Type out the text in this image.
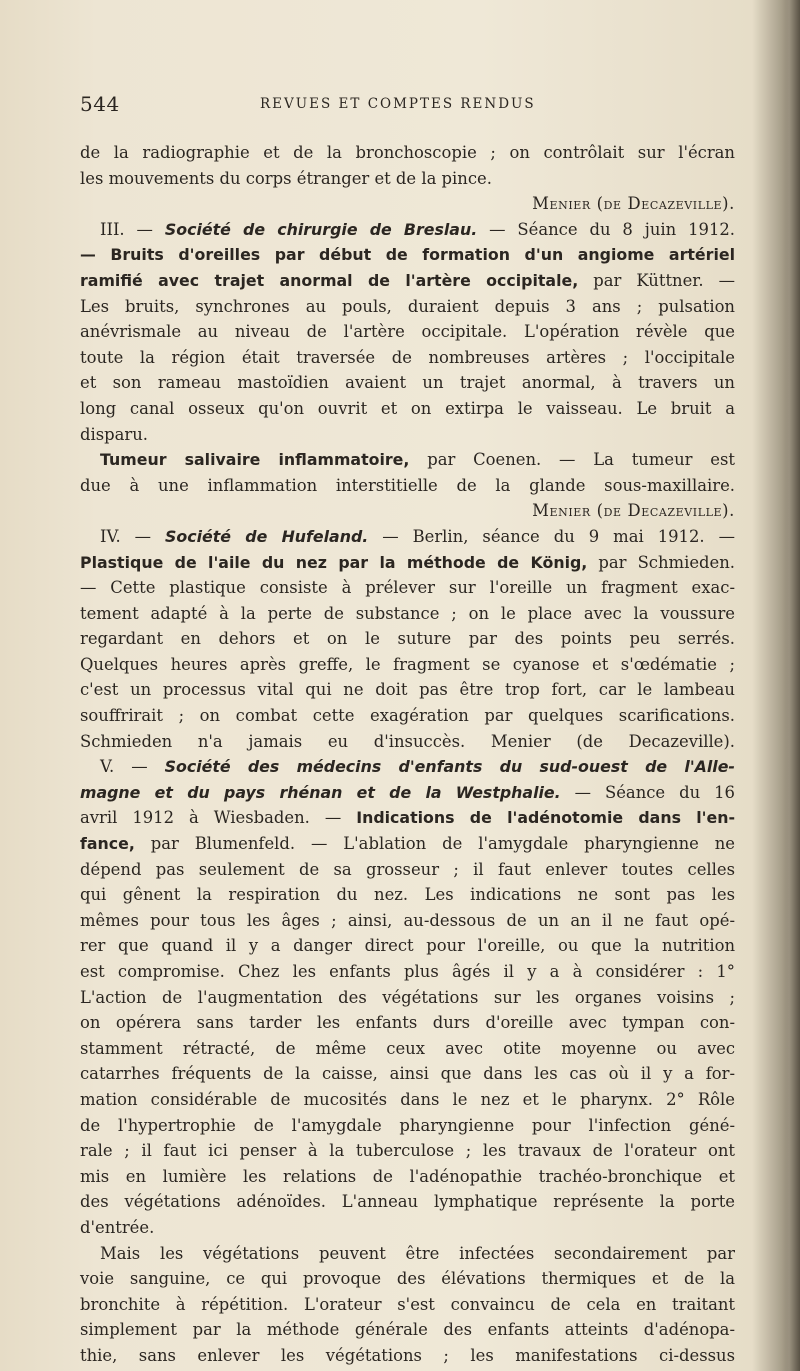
544	REVUES ET COMPTES RENDUS
de la radiographie et de la bronchoscopie ; on contrôlait sur l'écran
les mouvements du corps étranger et de la pince.
Menier (de Decazeville).
III. — Société de chirurgie de Breslau. — Séance du 8 juin 1912.
— Bruits d'oreilles par début de formation d'un angiome artériel
ramifié avec trajet anormal de l'artère occipitale, par Küttner. —
Les bruits, synchrones au pouls, duraient depuis 3 ans ; pulsation
anévrismale au niveau de l'artère occipitale. L'opération révèle que
toute la région était traversée de nombreuses artères ; l'occipitale
et son rameau mastoïdien avaient un trajet anormal, à travers un
long canal osseux qu'on ouvrit et on extirpa le vaisseau. Le bruit a
disparu.
Tumeur salivaire inflammatoire, par Coenen. — La tumeur est
due à une inflammation interstitielle de la glande sous-maxillaire.
Menier (de Decazeville).
IV. — Société de Hufeland. — Berlin, séance du 9 mai 1912. —
Plastique de l'aile du nez par la méthode de König, par Schmieden.
— Cette plastique consiste à prélever sur l'oreille un fragment exac-
tement adapté à la perte de substance ; on le place avec la voussure
regardant en dehors et on le suture par des points peu serrés.
Quelques heures après greffe, le fragment se cyanose et s'œdématie ;
c'est un processus vital qui ne doit pas être trop fort, car le lambeau
souffrirait ; on combat cette exagération par quelques scarifications.
Schmieden n'a jamais eu d'insuccès. Menier (de Decazeville).
V. — Société des médecins d'enfants du sud-ouest de l'Alle-
magne et du pays rhénan et de la Westphalie. — Séance du 16
avril 1912 à Wiesbaden. — Indications de l'adénotomie dans l'en-
fance, par Blumenfeld. — L'ablation de l'amygdale pharyngienne ne
dépend pas seulement de sa grosseur ; il faut enlever toutes celles
qui gênent la respiration du nez. Les indications ne sont pas les
mêmes pour tous les âges ; ainsi, au-dessous de un an il ne faut opé-
rer que quand il y a danger direct pour l'oreille, ou que la nutrition
est compromise. Chez les enfants plus âgés il y a à considérer : 1°
L'action de l'augmentation des végétations sur les organes voisins ;
on opérera sans tarder les enfants durs d'oreille avec tympan con-
stamment rétracté, de même ceux avec otite moyenne ou avec
catarrhes fréquents de la caisse, ainsi que dans les cas où il y a for-
mation considérable de mucosités dans le nez et le pharynx. 2° Rôle
de l'hypertrophie de l'amygdale pharyngienne pour l'infection géné-
rale ; il faut ici penser à la tuberculose ; les travaux de l'orateur ont
mis en lumière les relations de l'adénopathie trachéo-bronchique et
des végétations adénoïdes. L'anneau lymphatique représente la porte
d'entrée.
Mais les végétations peuvent être infectées secondairement par
voie sanguine, ce qui provoque des élévations thermiques et de la
bronchite à répétition. L'orateur s'est convaincu de cela en traitant
simplement par la méthode générale des enfants atteints d'adénopa-
thie, sans enlever les végétations ; les manifestations ci-dessus
